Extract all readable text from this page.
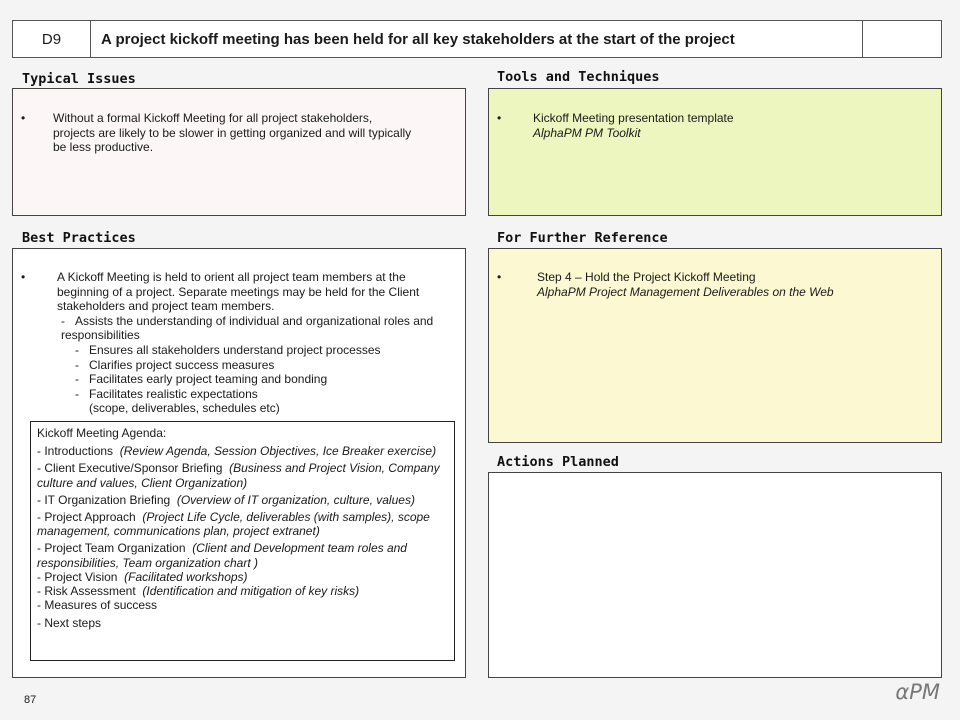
D9	A project kickoff meeting has been held for all key stakeholders at the start of the project
Typical Issues
•	Without a formal Kickoff Meeting for all project stakeholders, projects are likely to be slower in getting organized and will typically be less productive.
Tools and Techniques
•	Kickoff Meeting presentation template
AlphaPM PM Toolkit
Best Practices
•	A Kickoff Meeting is held to orient all project team members at the beginning of a project. Separate meetings may be held for the Client stakeholders and project team members.
- Assists the understanding of individual and organizational roles and responsibilities
- Ensures all stakeholders understand project processes
- Clarifies project success measures
- Facilitates early project teaming and bonding
- Facilitates realistic expectations
(scope, deliverables, schedules etc)
Kickoff Meeting Agenda:
- Introductions (Review Agenda, Session Objectives, Ice Breaker exercise)
- Client Executive/Sponsor Briefing (Business and Project Vision, Company culture and values, Client Organization)
- IT Organization Briefing (Overview of IT organization, culture, values)
- Project Approach (Project Life Cycle, deliverables (with samples), scope management, communications plan, project extranet)
- Project Team Organization (Client and Development team roles and responsibilities, Team organization chart )
- Project Vision (Facilitated workshops)
- Risk Assessment (Identification and mitigation of key risks)
- Measures of success
- Next steps
For Further Reference
•	Step 4 – Hold the Project Kickoff Meeting
AlphaPM Project Management Deliverables on the Web
Actions Planned
87	αPM
